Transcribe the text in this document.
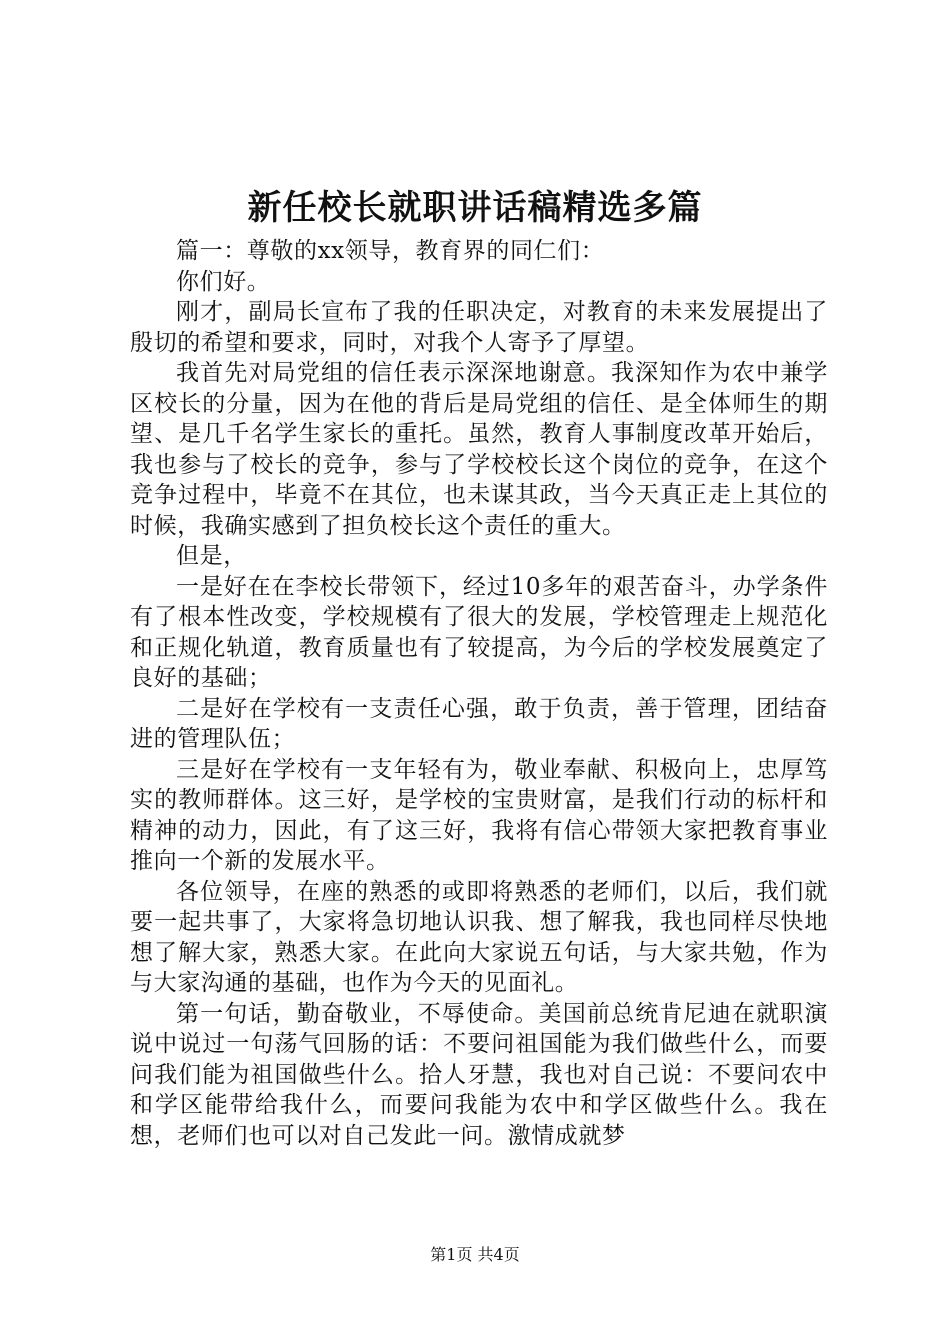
新任校长就职讲话稿精选多篇

篇一：尊敬的xx领导，教育界的同仁们：

你们好。

刚才，副局长宣布了我的任职决定，对教育的未来发展提出了殷切的希望和要求，同时，对我个人寄予了厚望。

我首先对局党组的信任表示深深地谢意。我深知作为农中兼学区校长的分量，因为在他的背后是局党组的信任、是全体师生的期望、是几千名学生家长的重托。虽然，教育人事制度改革开始后，我也参与了校长的竞争，参与了学校校长这个岗位的竞争，在这个竞争过程中，毕竟不在其位，也未谋其政，当今天真正走上其位的时候，我确实感到了担负校长这个责任的重大。

但是，

一是好在在李校长带领下，经过10多年的艰苦奋斗，办学条件有了根本性改变，学校规模有了很大的发展，学校管理走上规范化和正规化轨道，教育质量也有了较提高，为今后的学校发展奠定了良好的基础；

二是好在学校有一支责任心强，敢于负责，善于管理，团结奋进的管理队伍；

三是好在学校有一支年轻有为，敬业奉献、积极向上，忠厚笃实的教师群体。这三好，是学校的宝贵财富，是我们行动的标杆和精神的动力，因此，有了这三好，我将有信心带领大家把教育事业推向一个新的发展水平。

各位领导，在座的熟悉的或即将熟悉的老师们，以后，我们就要一起共事了，大家将急切地认识我、想了解我，我也同样尽快地想了解大家，熟悉大家。在此向大家说五句话，与大家共勉，作为与大家沟通的基础，也作为今天的见面礼。

第一句话，勤奋敬业，不辱使命。美国前总统肯尼迪在就职演说中说过一句荡气回肠的话：不要问祖国能为我们做些什么，而要问我们能为祖国做些什么。拾人牙慧，我也对自己说：不要问农中和学区能带给我什么，而要问我能为农中和学区做些什么。我在想，老师们也可以对自己发此一问。激情成就梦

第1页 共4页
